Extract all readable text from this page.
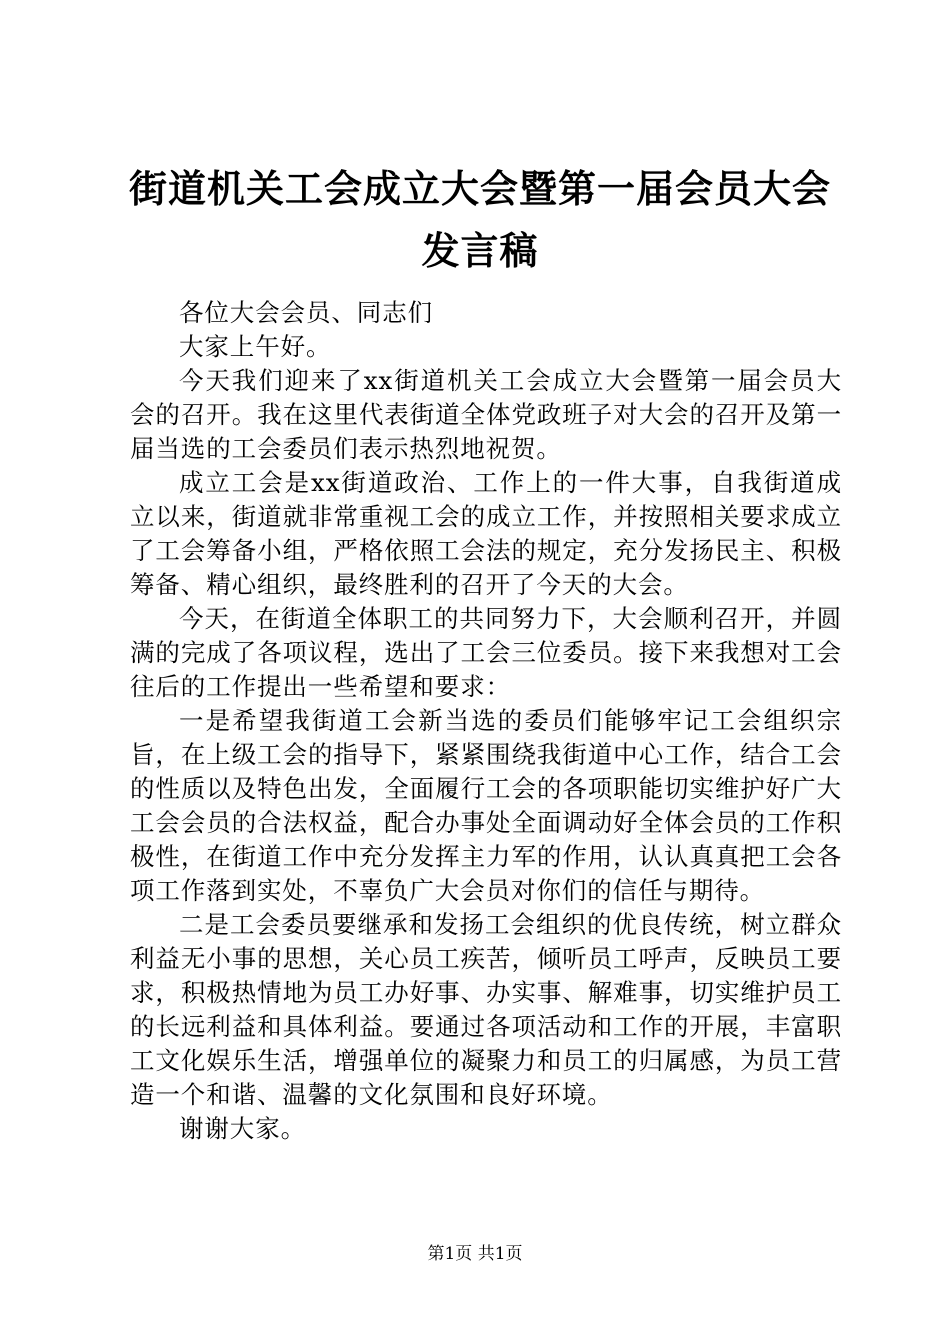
街道机关工会成立大会暨第一届会员大会发言稿

各位大会会员、同志们

大家上午好。

今天我们迎来了xx街道机关工会成立大会暨第一届会员大会的召开。我在这里代表街道全体党政班子对大会的召开及第一届当选的工会委员们表示热烈地祝贺。

成立工会是xx街道政治、工作上的一件大事，自我街道成立以来，街道就非常重视工会的成立工作，并按照相关要求成立了工会筹备小组，严格依照工会法的规定，充分发扬民主、积极筹备、精心组织，最终胜利的召开了今天的大会。

今天，在街道全体职工的共同努力下，大会顺利召开，并圆满的完成了各项议程，选出了工会三位委员。接下来我想对工会往后的工作提出一些希望和要求：

一是希望我街道工会新当选的委员们能够牢记工会组织宗旨，在上级工会的指导下，紧紧围绕我街道中心工作，结合工会的性质以及特色出发，全面履行工会的各项职能切实维护好广大工会会员的合法权益，配合办事处全面调动好全体会员的工作积极性，在街道工作中充分发挥主力军的作用，认认真真把工会各项工作落到实处，不辜负广大会员对你们的信任与期待。

二是工会委员要继承和发扬工会组织的优良传统，树立群众利益无小事的思想，关心员工疾苦，倾听员工呼声，反映员工要求，积极热情地为员工办好事、办实事、解难事，切实维护员工的长远利益和具体利益。要通过各项活动和工作的开展，丰富职工文化娱乐生活，增强单位的凝聚力和员工的归属感，为员工营造一个和谐、温馨的文化氛围和良好环境。

谢谢大家。

第1页 共1页
